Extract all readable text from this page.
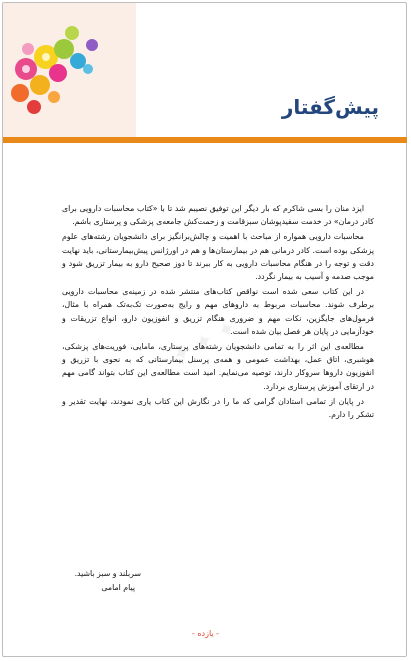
پیش‌گفتار
✦ ✦ ✦

ایزد منان را بسی شاکرم که بار دیگر این توفیق نصیبم شد تا با «کتاب محاسبات دارویی برای کادر درمان» در خدمت سفیدپوشان سبزقامت و زحمت‌کش جامعه‌ی پزشکی و پرستاری باشم.

محاسبات دارویی همواره از مباحث با اهمیت و چالش‌برانگیز برای دانشجویان رشته‌های علوم پزشکی بوده است. کادر درمانی هم در بیمارستان‌ها و هم در اورژانس پیش‌بیمارستانی، باید نهایت دقت و توجه را در هنگام محاسبات دارویی به کار ببرند تا دوز صحیح دارو به بیمار تزریق شود و موجب صدمه و آسیب به بیمار نگردد.

در این کتاب سعی شده است نواقص کتاب‌های منتشر شده در زمینه‌ی محاسبات دارویی برطرف شوند. محاسبات مربوط به داروهای مهم و رایج به‌صورت تک‌به‌تک همراه با مثال، فرمول‌های جایگزین، نکات مهم و ضروری هنگام تزریق و انفوزیون دارو، انواع تزریقات و خودآزمایی در پایان هر فصل بیان شده است.

مطالعه‌ی این اثر را به تمامی دانشجویان رشته‌های پرستاری، مامایی، فوریت‌های پزشکی، هوشبری، اتاق عمل، بهداشت عمومی و همه‌ی پرسنل بیمارستانی که به نحوی با تزریق و انفوزیون داروها سروکار دارند، توصیه می‌نمایم. امید است مطالعه‌ی این کتاب بتواند گامی مهم در ارتقای آموزش پرستاری بردارد.

در پایان از تمامی استادان گرامی که ما را در نگارش این کتاب یاری نمودند، نهایت تقدیر و تشکر را دارم.

سربلند و سبز باشید.
پیام امامی
- یازده -
